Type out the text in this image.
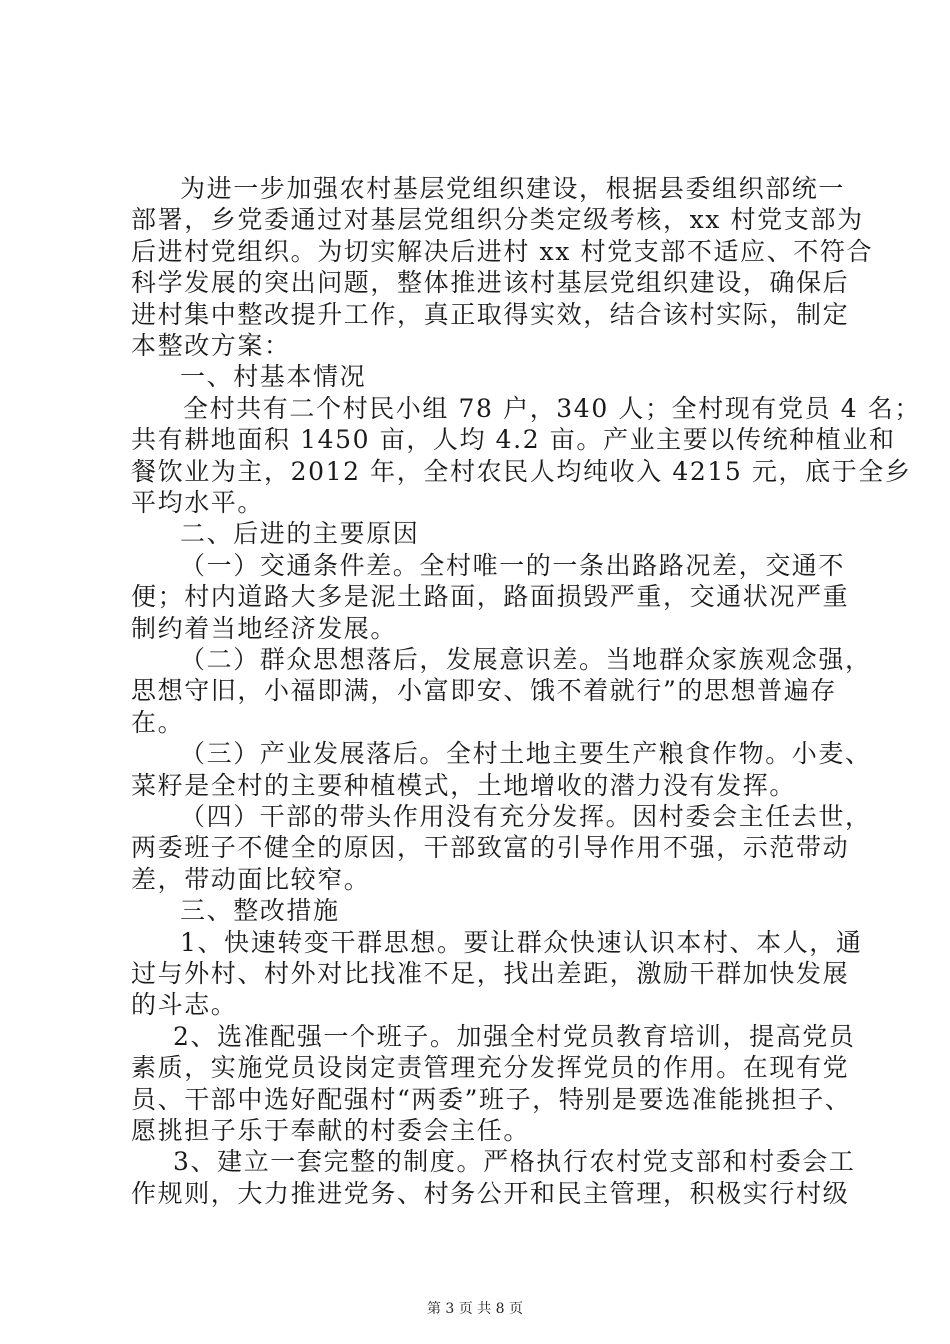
为进一步加强农村基层党组织建设，根据县委组织部统一
部署，乡党委通过对基层党组织分类定级考核，xx 村党支部为
后进村党组织。为切实解决后进村 xx 村党支部不适应、不符合
科学发展的突出问题，整体推进该村基层党组织建设，确保后
进村集中整改提升工作，真正取得实效，结合该村实际，制定
本整改方案：
一、村基本情况
全村共有二个村民小组 78 户，340 人；全村现有党员 4 名；
共有耕地面积 1450 亩，人均 4.2 亩。产业主要以传统种植业和
餐饮业为主，2012 年，全村农民人均纯收入 4215 元，底于全乡
平均水平。
二、后进的主要原因
（一）交通条件差。全村唯一的一条出路路况差，交通不
便；村内道路大多是泥土路面，路面损毁严重，交通状况严重
制约着当地经济发展。
（二）群众思想落后，发展意识差。当地群众家族观念强，
思想守旧，小福即满，小富即安、饿不着就行”的思想普遍存
在。
（三）产业发展落后。全村土地主要生产粮食作物。小麦、
菜籽是全村的主要种植模式，土地增收的潜力没有发挥。
（四）干部的带头作用没有充分发挥。因村委会主任去世，
两委班子不健全的原因，干部致富的引导作用不强，示范带动
差，带动面比较窄。
三、整改措施
1、快速转变干群思想。要让群众快速认识本村、本人，通
过与外村、村外对比找准不足，找出差距，激励干群加快发展
的斗志。
2、选准配强一个班子。加强全村党员教育培训，提高党员
素质，实施党员设岗定责管理充分发挥党员的作用。在现有党
员、干部中选好配强村“两委”班子，特别是要选准能挑担子、
愿挑担子乐于奉献的村委会主任。
3、建立一套完整的制度。严格执行农村党支部和村委会工
作规则，大力推进党务、村务公开和民主管理，积极实行村级
第 3 页 共 8 页
